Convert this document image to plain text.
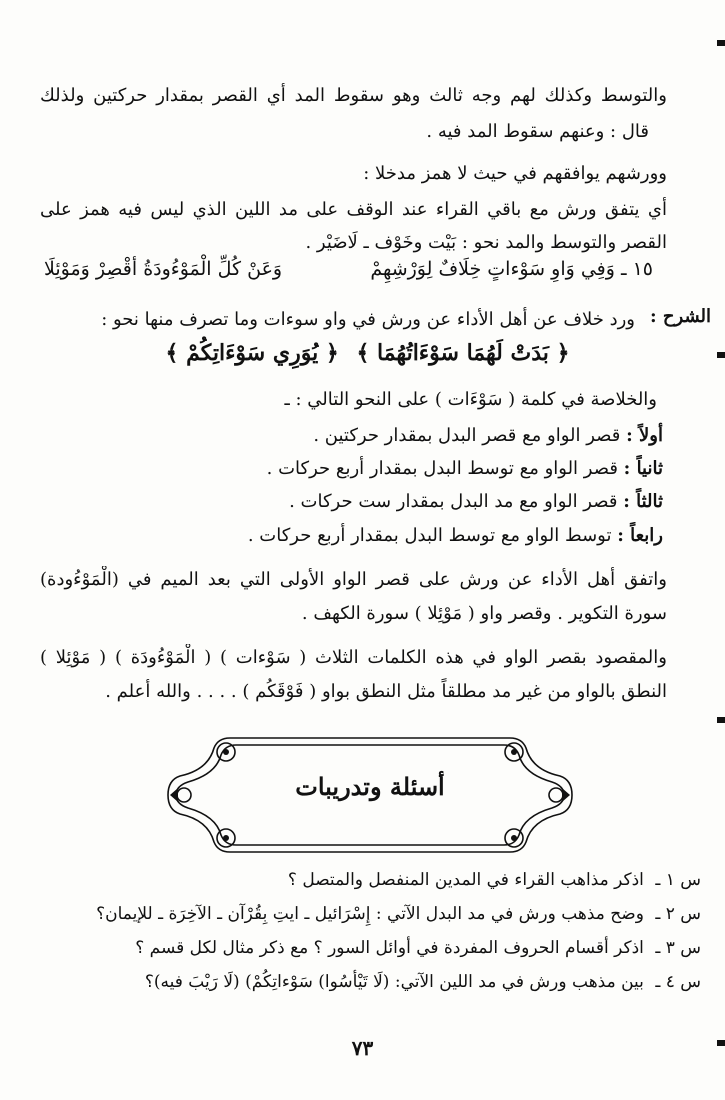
والتوسط وكذلك لهم وجه ثالث وهو سقوط المد أي القصر بمقدار حركتين ولذلك
قال : وعنهم سقوط المد فيه .
وورشهم يوافقهم في حيث لا همز مدخلا :
أي يتفق ورش مع باقي القراء عند الوقف على مد اللين الذي ليس فيه همز على
القصر والتوسط والمد نحو : بَيْت وخَوْف ـ لَاضَيْر .
١٥ ـ وَفِي وَاوِ سَوْءاتٍ خِلَافٌ لِوَرْشِهِمْ
وَعَنْ كُلِّ الْمَوْءُودَةُ أقْصِرْ وَمَوْئِلَا
الشرح :
ورد خلاف عن أهل الأداء عن ورش في واو سوءات وما تصرف منها نحو :
﴿ بَدَتْ لَهُمَا سَوْءَاتُهُمَا ﴾ ﴿ يُوَرِي سَوْءَاتِكُمْ ﴾
والخلاصة في كلمة ( سَوْءَات ) على النحو التالي : ـ
أولاً : قصر الواو مع قصر البدل بمقدار حركتين .
ثانياً : قصر الواو مع توسط البدل بمقدار أربع حركات .
ثالثاً : قصر الواو مع مد البدل بمقدار ست حركات .
رابعاً : توسط الواو مع توسط البدل بمقدار أربع حركات .
واتفق أهل الأداء عن ورش على قصر الواو الأولى التي بعد الميم في (الْمَوْءُودة)
سورة التكوير . وقصر واو ( مَوْئِلا ) سورة الكهف .
والمقصود بقصر الواو في هذه الكلمات الثلاث ( سَوْءات ) ( الْمَوْءُودَة ) ( مَوْئِلا )
النطق بالواو من غير مد مطلقاً مثل النطق بواو ( فَوْقَكُم ) . . . . والله أعلم .
أسئلة وتدريبات
س ١ ـ اذكر مذاهب القراء في المدين المنفصل والمتصل ؟
س ٢ ـ وضح مذهب ورش في مد البدل الآتي : إِسْرَائيل ـ ايتِ بِقُرْآن ـ الآخِرَة ـ للإيمان؟
س ٣ ـ اذكر أقسام الحروف المفردة في أوائل السور ؟ مع ذكر مثال لكل قسم ؟
س ٤ ـ بين مذهب ورش في مد اللين الآتي: (لَا تَيْأسُوا) سَوْءاتِكُمْ) (لَا رَيْبَ فيه)؟
٧٣
